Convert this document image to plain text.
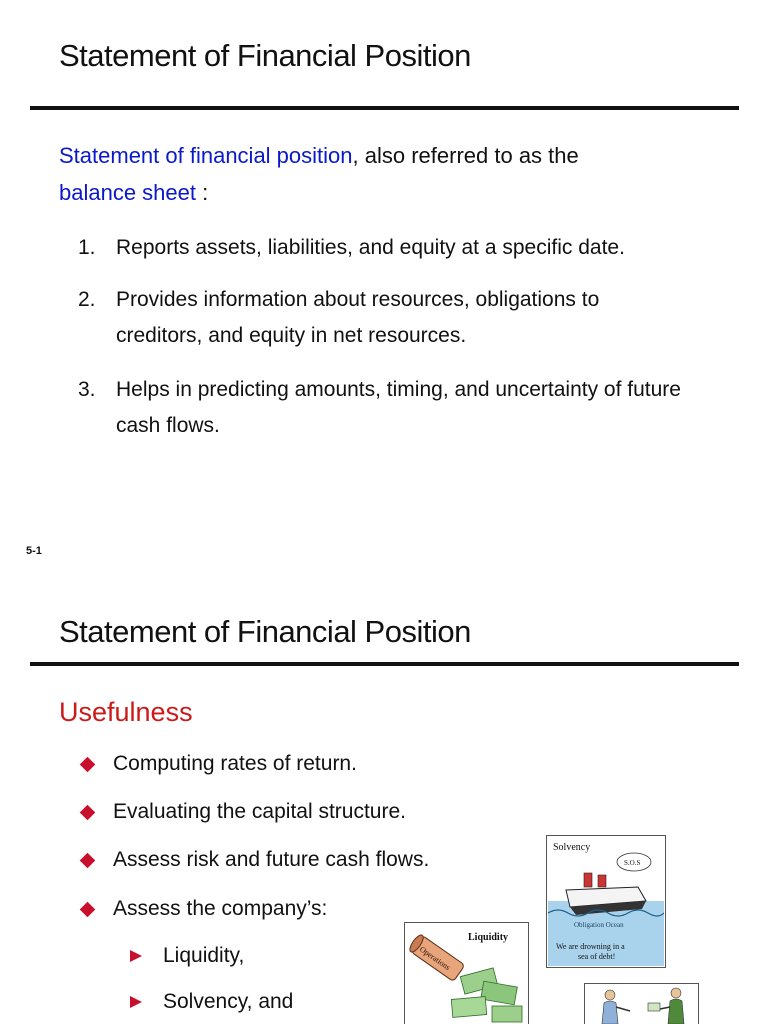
Statement of Financial Position
Statement of financial position, also referred to as the
balance sheet :
1. Reports assets, liabilities, and equity at a specific date.
2. Provides information about resources, obligations to creditors, and equity in net resources.
3. Helps in predicting amounts, timing, and uncertainty of future cash flows.
5-1
Statement of Financial Position
Usefulness
Computing rates of return.
Evaluating the capital structure.
Assess risk and future cash flows.
Assess the company’s:
Liquidity,
Solvency, and
Solvency
S.O.S
Obligation Ocean
We are drowning in a
sea of debt!
Liquidity
Operations
